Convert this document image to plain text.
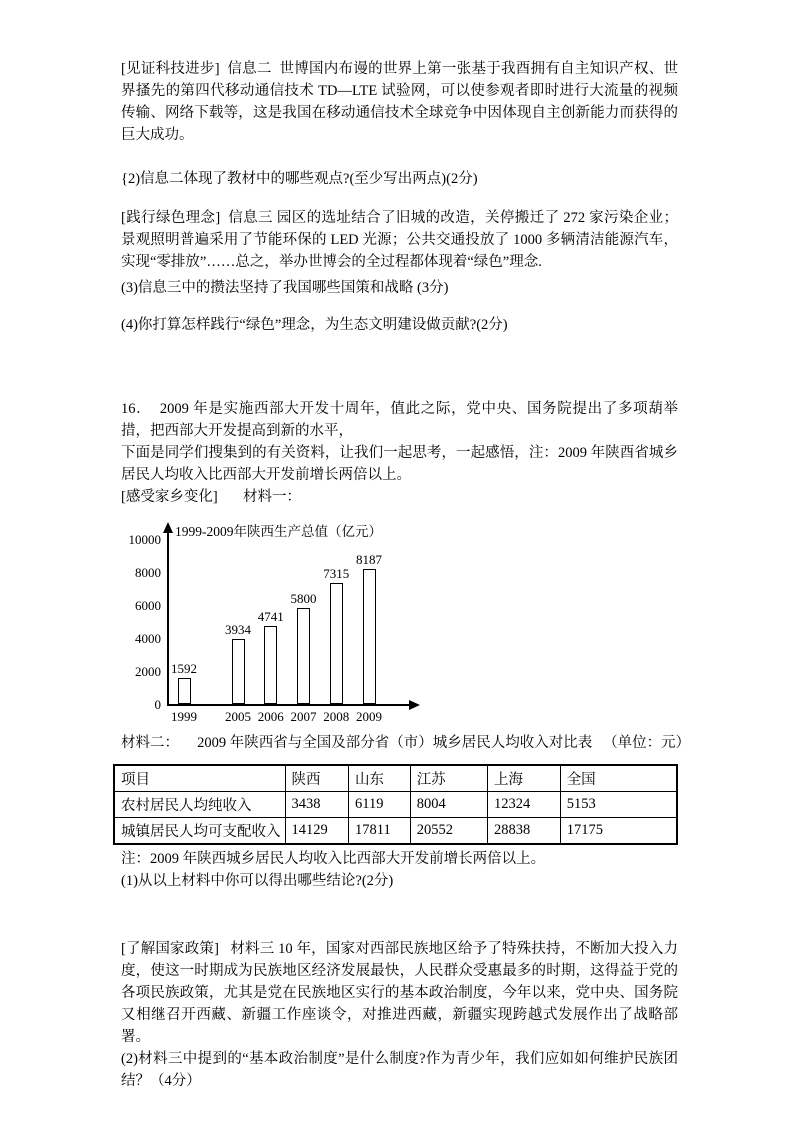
[见证科技进步]  信息二  世博国内布谩的世界上第一张基于我酉拥有自主知识产权、世界搔先的第四代移动通信技术 TD—LTE 试验网，可以使参观者即时进行大流量的视频传输、网络下载等，这是我国在移动通信技术全球竞争中因体现自主创新能力而获得的巨大成功。
{2)信息二体现了教材中的哪些观点?(至少写出两点)(2分)
[践行绿色理念]  信息三 园区的选址结合了旧城的改造，关停搬迁了 272 家污染企业；景观照明普遍采用了节能环保的 LED 光源；公共交通投放了 1000 多辆清洁能源汽车，实现“零排放”……总之，举办世博会的全过程都体现着“绿色”理念.
(3)信息三中的攒法坚持了我国哪些国策和战略 (3分)
(4)你打算怎样践行“绿色”理念，为生态文明建设做贡献?(2分)
16．  2009 年是实施西部大开发十周年，值此之际，党中央、国务院提出了多项葫举措，把西部大开发提高到新的水平，
下面是同学们搜集到的有关资料，让我们一起思考，一起感悟，注：2009 年陕酉省城乡居民人均收入比西部大开发前增长两倍以上。
[感受家乡变化]       材料一：
1999-2009年陕西生产总值（亿元）
0
2000
4000
6000
8000
10000
1592
1999
3934
2005
4741
2006
5800
2007
7315
2008
8187
2009
材料二：     2009 年陕西省与全国及部分省（市）城乡居民人均收入对比表   （单位：元）
项目	陕西	山东	江苏	上海	全国
农村居民人均纯收入	3438	6119	8004	12324	5153
城镇居民人均可支配收入	14129	17811	20552	28838	17175
注：2009 年陕西城乡居民人均收入比西部大开发前增长两倍以上。
(1)从以上材料中你可以得出哪些结论?(2分)
[了解国家政策]   材料三 10 年，国家对西部民族地区给予了特殊扶持，不断加大投入力度，使这一时期成为民族地区经济发展最快，人民群众受惠最多的时期，这得益于党的各项民族政策，尤其是党在民族地区实行的基本政治制度，今年以来，党中央、国务院又相继召开西藏、新疆工作座谈令，对推进西藏，新疆实现跨越式发展作出了战略部署。
(2)材料三中提到的“基本政治制度”是什么制度?作为青少年，我们应如如何维护民族团结？（4分）
